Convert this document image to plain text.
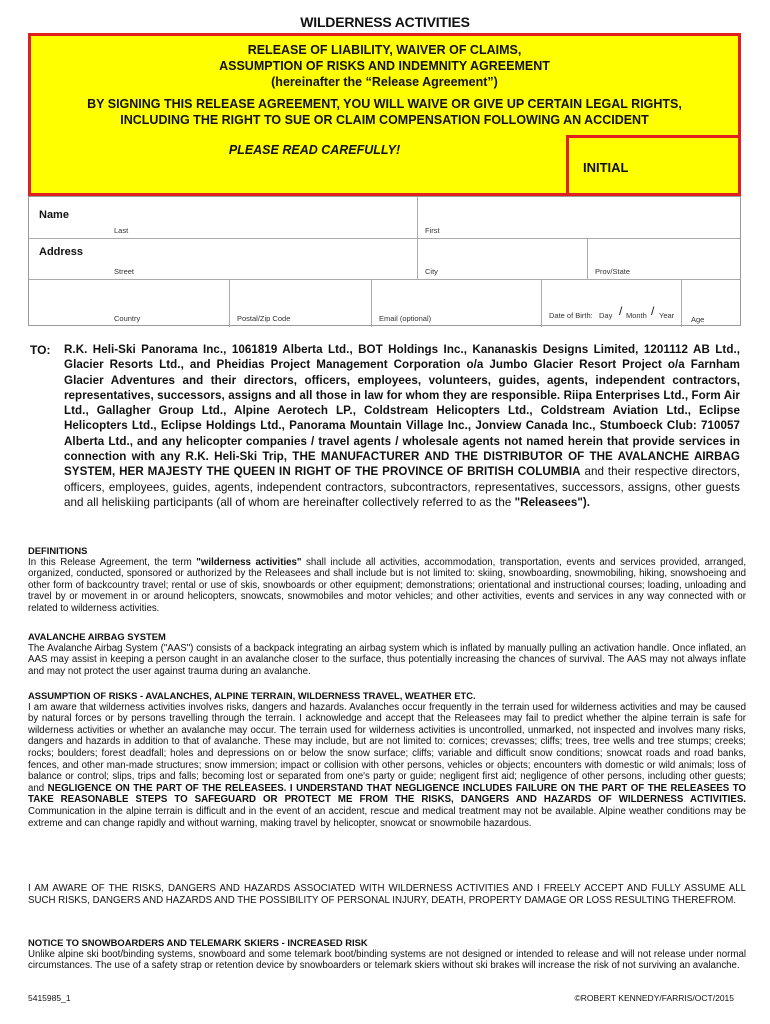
WILDERNESS ACTIVITIES
RELEASE OF LIABILITY, WAIVER OF CLAIMS,
ASSUMPTION OF RISKS AND INDEMNITY AGREEMENT
(hereinafter the “Release Agreement”)
BY SIGNING THIS RELEASE AGREEMENT, YOU WILL WAIVE OR GIVE UP CERTAIN LEGAL RIGHTS,
INCLUDING THE RIGHT TO SUE OR CLAIM COMPENSATION FOLLOWING AN ACCIDENT
PLEASE READ CAREFULLY!
INITIAL
Name
Last	First
Address
Street	City	Prov/State
Country	Postal/Zip Code	Email (optional)	Date of Birth: Day / Month / Year Age
TO: R.K. Heli-Ski Panorama Inc., 1061819 Alberta Ltd., BOT Holdings Inc., Kananaskis Designs Limited, 1201112 AB Ltd., Glacier Resorts Ltd., and Pheidias Project Management Corporation o/a Jumbo Glacier Resort Project o/a Farnham Glacier Adventures and their directors, officers, employees, volunteers, guides, agents, independent contractors, representatives, successors, assigns and all those in law for whom they are responsible. Riipa Enterprises Ltd., Form Air Ltd., Gallagher Group Ltd., Alpine Aerotech LP., Coldstream Helicopters Ltd., Coldstream Aviation Ltd., Eclipse Helicopters Ltd., Eclipse Holdings Ltd., Panorama Mountain Village Inc., Jonview Canada Inc., Stumboeck Club: 710057 Alberta Ltd., and any helicopter companies / travel agents / wholesale agents not named herein that provide services in connection with any R.K. Heli-Ski Trip, THE MANUFACTURER AND THE DISTRIBUTOR OF THE AVALANCHE AIRBAG SYSTEM, HER MAJESTY THE QUEEN IN RIGHT OF THE PROVINCE OF BRITISH COLUMBIA and their respective directors, officers, employees, guides, agents, independent contractors, subcontractors, representatives, successors, assigns, other guests and all heliskiing participants (all of whom are hereinafter collectively referred to as the "Releasees").
DEFINITIONS
In this Release Agreement, the term "wilderness activities" shall include all activities, accommodation, transportation, events and services provided, arranged, organized, conducted, sponsored or authorized by the Releasees and shall include but is not limited to: skiing, snowboarding, snowmobiling, hiking, snowshoeing and other form of backcountry travel; rental or use of skis, snowboards or other equipment; demonstrations; orientational and instructional courses; loading, unloading and travel by or movement in or around helicopters, snowcats, snowmobiles and motor vehicles; and other activities, events and services in any way connected with or related to wilderness activities.
AVALANCHE AIRBAG SYSTEM
The Avalanche Airbag System ("AAS") consists of a backpack integrating an airbag system which is inflated by manually pulling an activation handle. Once inflated, an AAS may assist in keeping a person caught in an avalanche closer to the surface, thus potentially increasing the chances of survival. The AAS may not always inflate and may not protect the user against trauma during an avalanche.
ASSUMPTION OF RISKS - AVALANCHES, ALPINE TERRAIN, WILDERNESS TRAVEL, WEATHER ETC.
I am aware that wilderness activities involves risks, dangers and hazards. Avalanches occur frequently in the terrain used for wilderness activities and may be caused by natural forces or by persons travelling through the terrain. I acknowledge and accept that the Releasees may fail to predict whether the alpine terrain is safe for wilderness activities or whether an avalanche may occur. The terrain used for wilderness activities is uncontrolled, unmarked, not inspected and involves many risks, dangers and hazards in addition to that of avalanche. These may include, but are not limited to: cornices; crevasses; cliffs; trees, tree wells and tree stumps; creeks; rocks; boulders; forest deadfall; holes and depressions on or below the snow surface; cliffs; variable and difficult snow conditions; snowcat roads and road banks, fences, and other man-made structures; snow immersion; impact or collision with other persons, vehicles or objects; encounters with domestic or wild animals; loss of balance or control; slips, trips and falls; becoming lost or separated from one's party or guide; negligent first aid; negligence of other persons, including other guests; and NEGLIGENCE ON THE PART OF THE RELEASEES. I UNDERSTAND THAT NEGLIGENCE INCLUDES FAILURE ON THE PART OF THE RELEASEES TO TAKE REASONABLE STEPS TO SAFEGUARD OR PROTECT ME FROM THE RISKS, DANGERS AND HAZARDS OF WILDERNESS ACTIVITIES. Communication in the alpine terrain is difficult and in the event of an accident, rescue and medical treatment may not be available. Alpine weather conditions may be extreme and can change rapidly and without warning, making travel by helicopter, snowcat or snowmobile hazardous.
I AM AWARE OF THE RISKS, DANGERS AND HAZARDS ASSOCIATED WITH WILDERNESS ACTIVITIES AND I FREELY ACCEPT AND FULLY ASSUME ALL SUCH RISKS, DANGERS AND HAZARDS AND THE POSSIBILITY OF PERSONAL INJURY, DEATH, PROPERTY DAMAGE OR LOSS RESULTING THEREFROM.
NOTICE TO SNOWBOARDERS AND TELEMARK SKIERS - INCREASED RISK
Unlike alpine ski boot/binding systems, snowboard and some telemark boot/binding systems are not designed or intended to release and will not release under normal circumstances. The use of a safety strap or retention device by snowboarders or telemark skiers without ski brakes will increase the risk of not surviving an avalanche.
5415985_1	©ROBERT KENNEDY/FARRIS/OCT/2015
